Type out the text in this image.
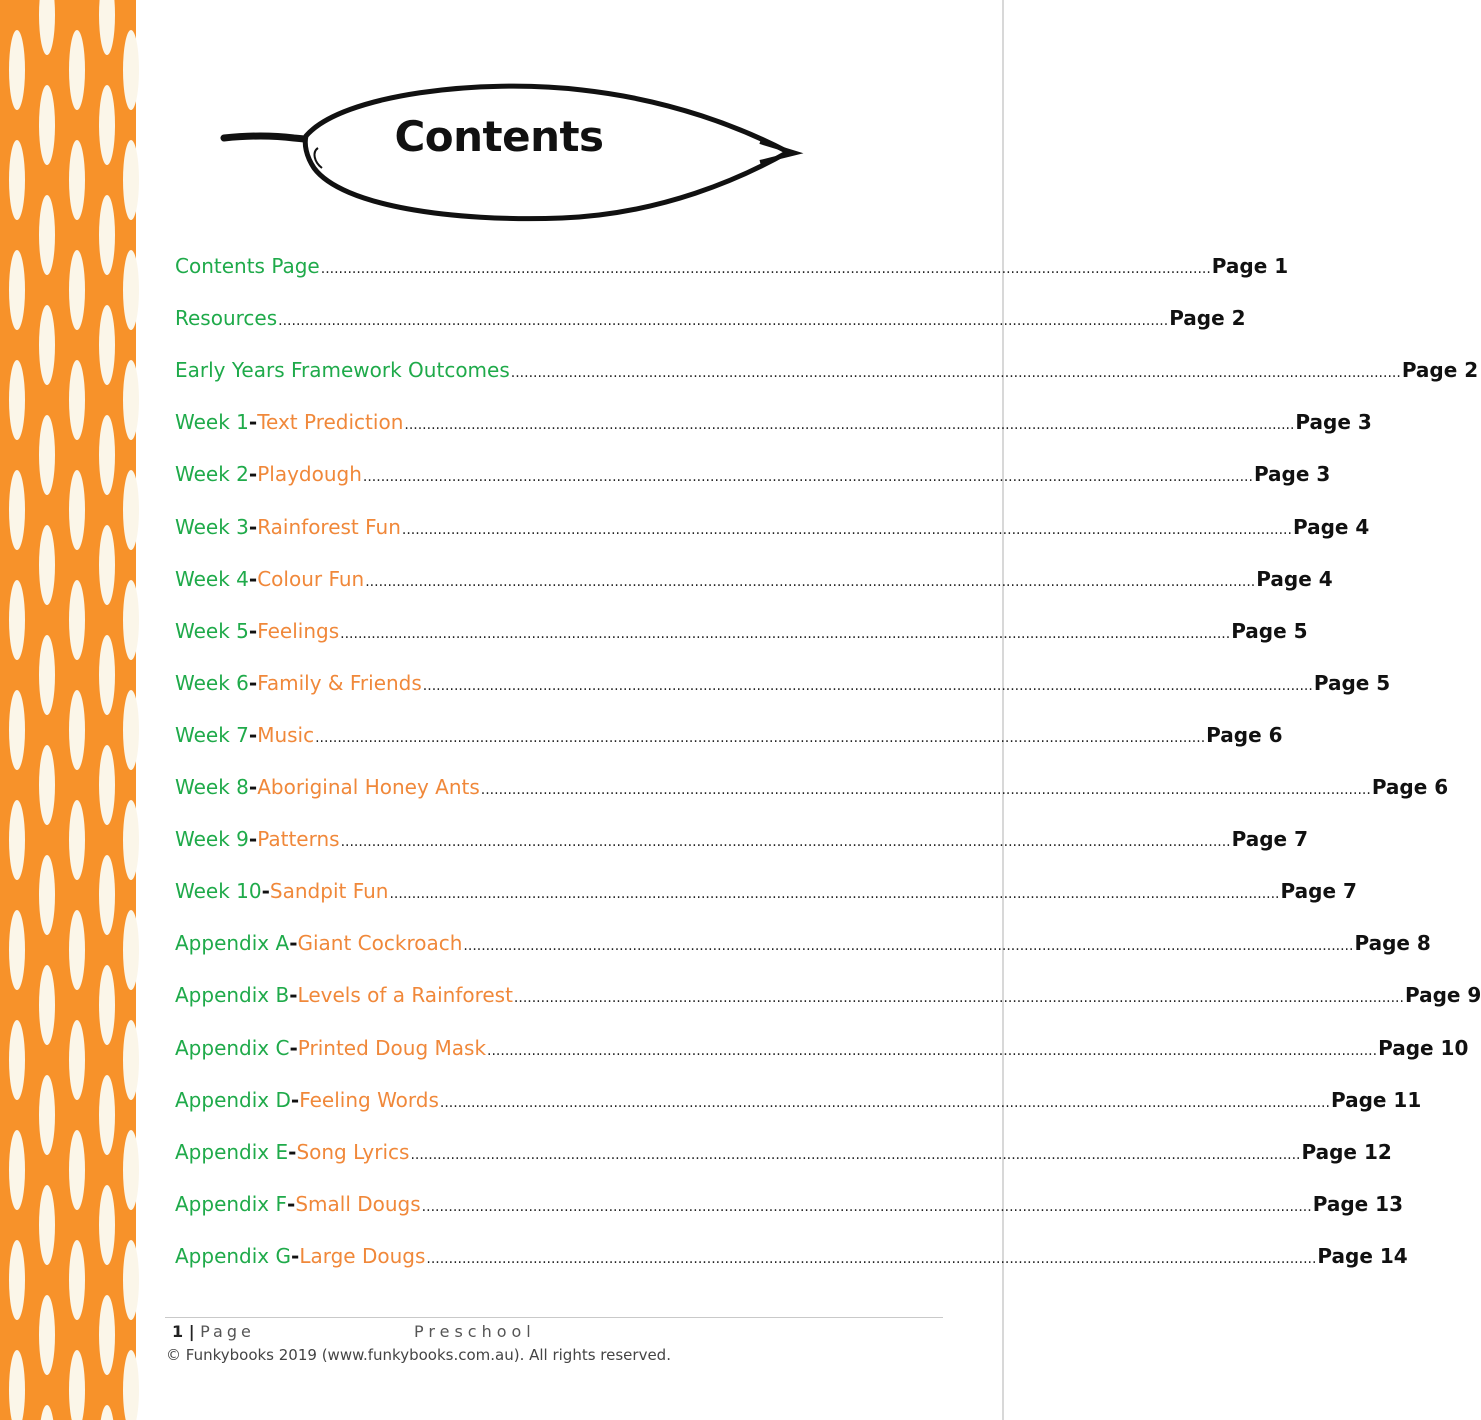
Contents
Contents Page ........................................................................................................................................................................................................ Page 1
Resources ........................................................................................................................................................................................................ Page 2
Early Years Framework Outcomes ........................................................................................................................................................................................................ Page 2
Week 1-Text Prediction ........................................................................................................................................................................................................ Page 3
Week 2-Playdough ........................................................................................................................................................................................................ Page 3
Week 3-Rainforest Fun ........................................................................................................................................................................................................ Page 4
Week 4-Colour Fun ........................................................................................................................................................................................................ Page 4
Week 5-Feelings ........................................................................................................................................................................................................ Page 5
Week 6-Family & Friends ........................................................................................................................................................................................................ Page 5
Week 7-Music ........................................................................................................................................................................................................ Page 6
Week 8-Aboriginal Honey Ants ........................................................................................................................................................................................................ Page 6
Week 9-Patterns ........................................................................................................................................................................................................ Page 7
Week 10-Sandpit Fun ........................................................................................................................................................................................................ Page 7
Appendix A-Giant Cockroach ........................................................................................................................................................................................................ Page 8
Appendix B-Levels of a Rainforest ........................................................................................................................................................................................................ Page 9
Appendix C-Printed Doug Mask ........................................................................................................................................................................................................ Page 10
Appendix D-Feeling Words ........................................................................................................................................................................................................ Page 11
Appendix E-Song Lyrics ........................................................................................................................................................................................................ Page 12
Appendix F-Small Dougs ........................................................................................................................................................................................................ Page 13
Appendix G-Large Dougs ........................................................................................................................................................................................................ Page 14
1 | Page	Preschool
© Funkybooks 2019 (www.funkybooks.com.au). All rights reserved.
